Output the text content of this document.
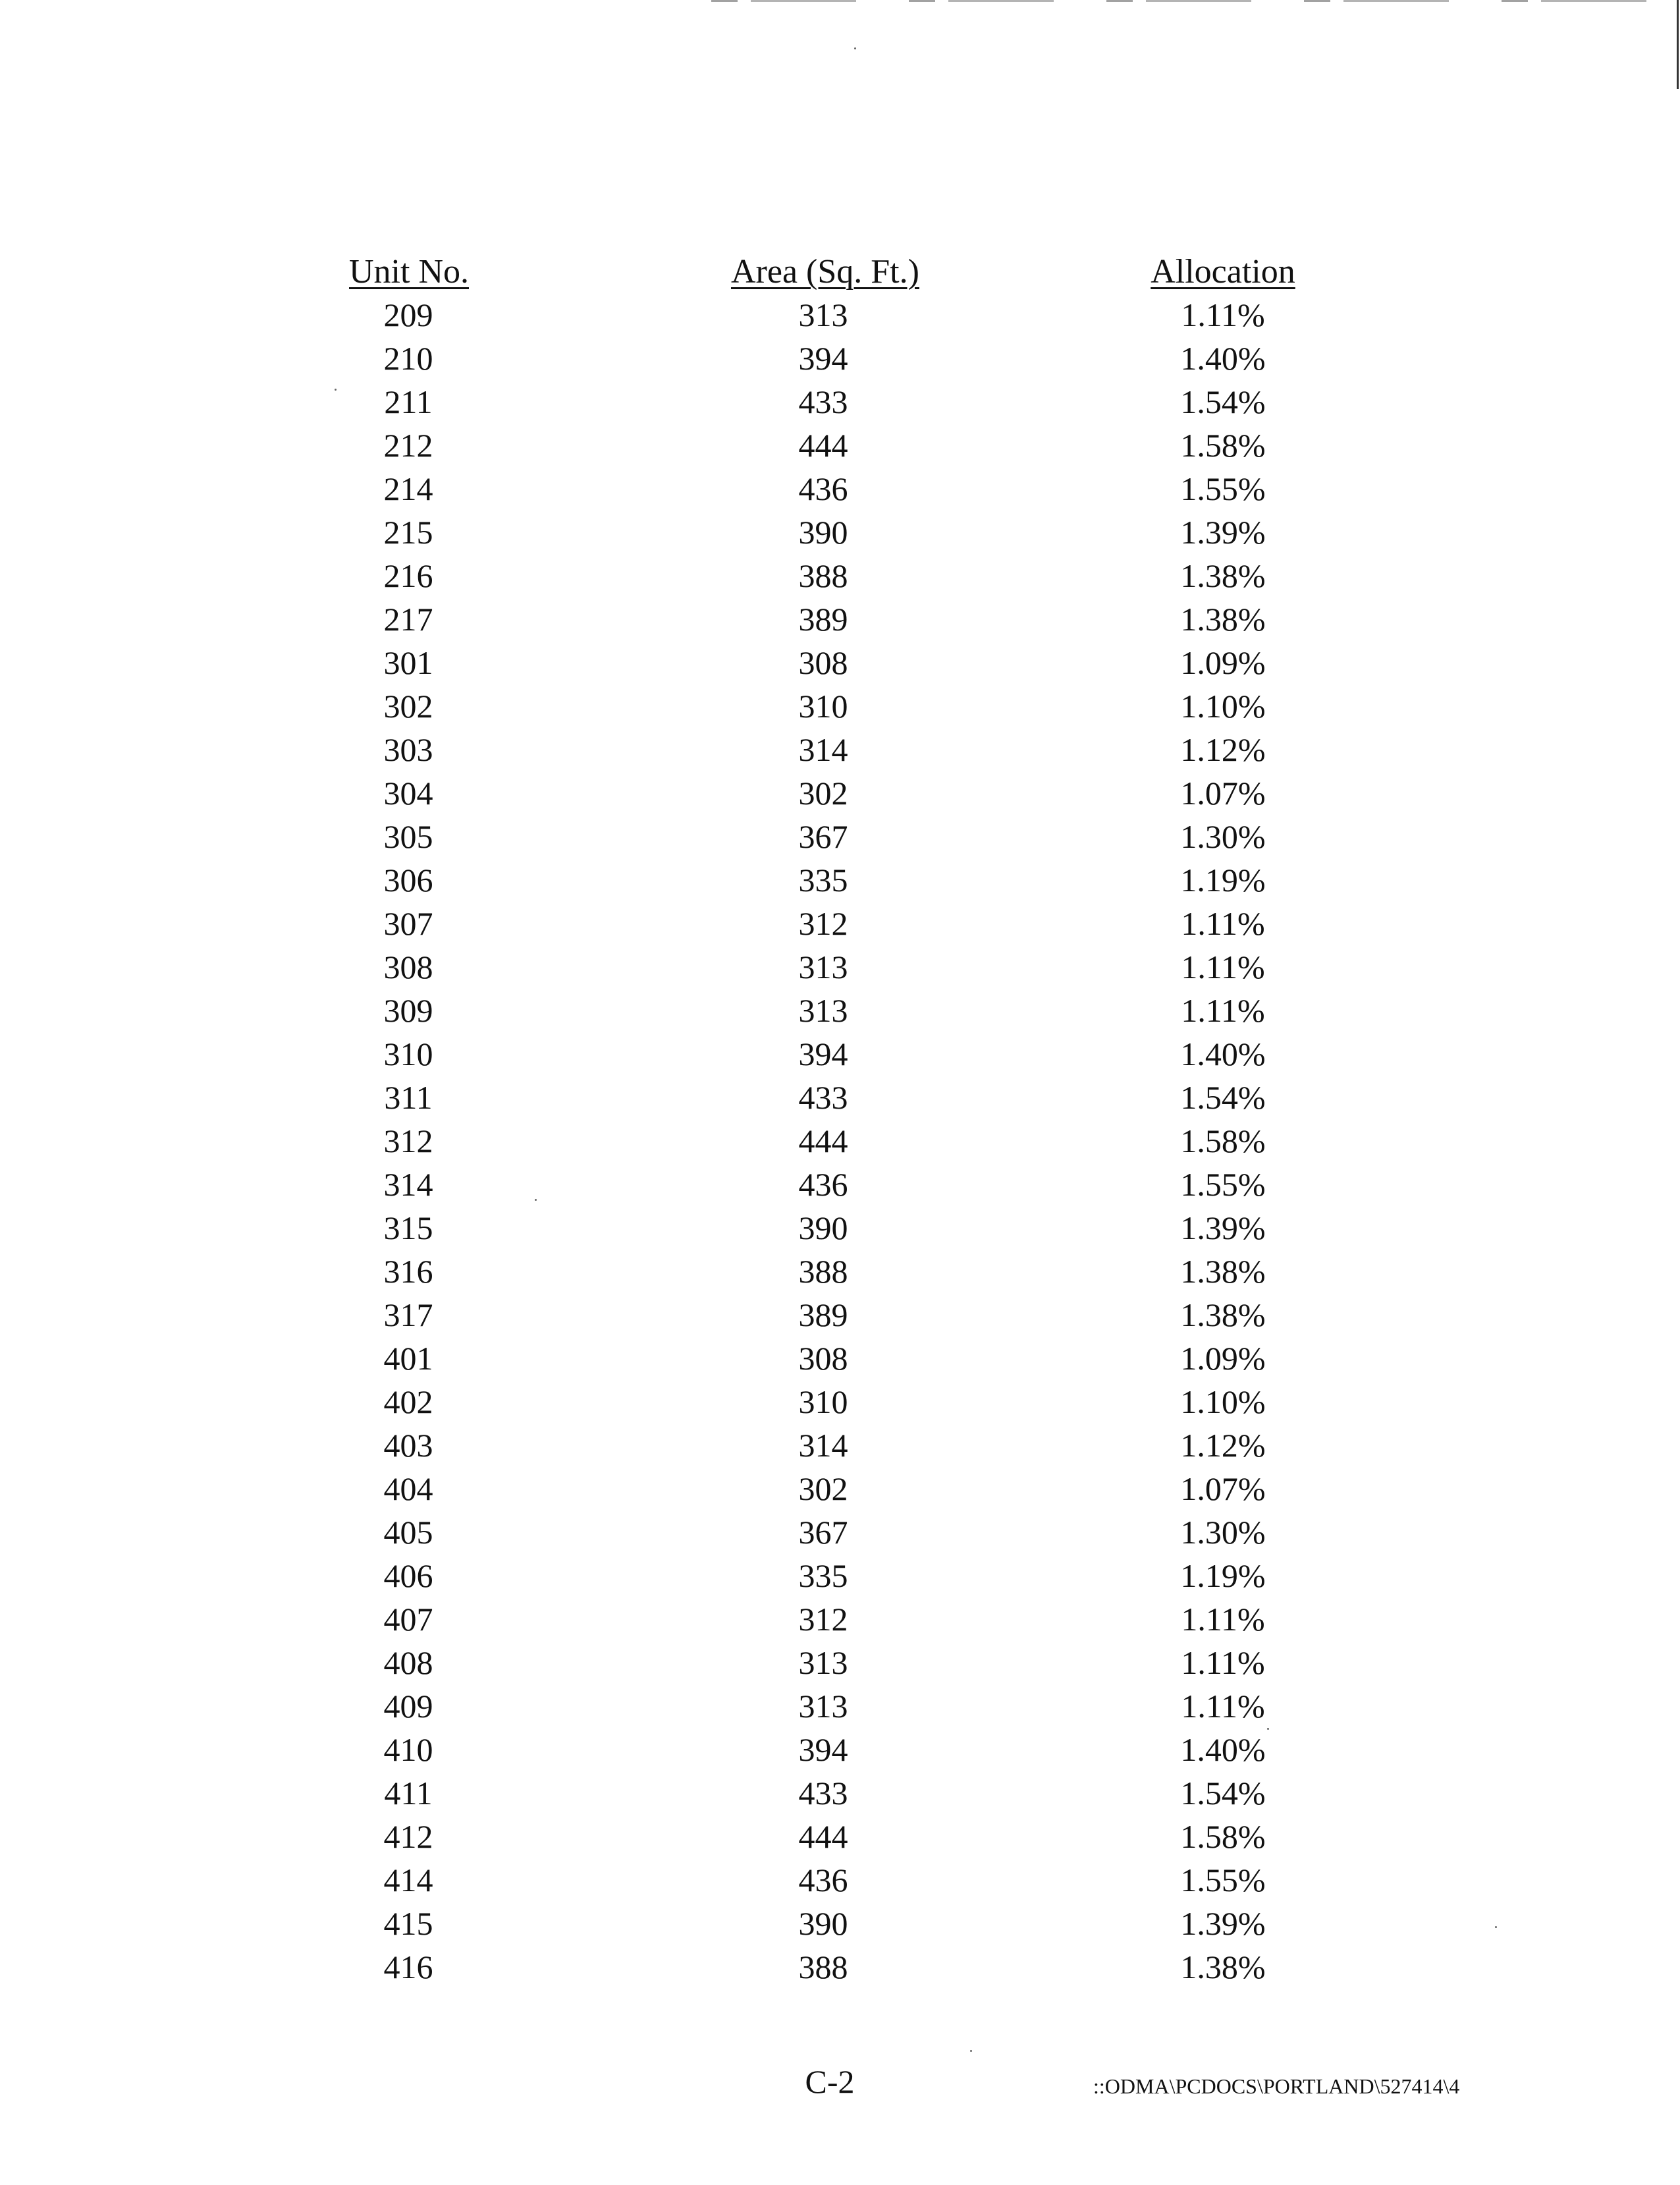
Unit No.	Area (Sq. Ft.)	Allocation
209	313	1.11%
210	394	1.40%
211	433	1.54%
212	444	1.58%
214	436	1.55%
215	390	1.39%
216	388	1.38%
217	389	1.38%
301	308	1.09%
302	310	1.10%
303	314	1.12%
304	302	1.07%
305	367	1.30%
306	335	1.19%
307	312	1.11%
308	313	1.11%
309	313	1.11%
310	394	1.40%
311	433	1.54%
312	444	1.58%
314	436	1.55%
315	390	1.39%
316	388	1.38%
317	389	1.38%
401	308	1.09%
402	310	1.10%
403	314	1.12%
404	302	1.07%
405	367	1.30%
406	335	1.19%
407	312	1.11%
408	313	1.11%
409	313	1.11%
410	394	1.40%
411	433	1.54%
412	444	1.58%
414	436	1.55%
415	390	1.39%
416	388	1.38%
C-2	::ODMA\PCDOCS\PORTLAND\527414\4
